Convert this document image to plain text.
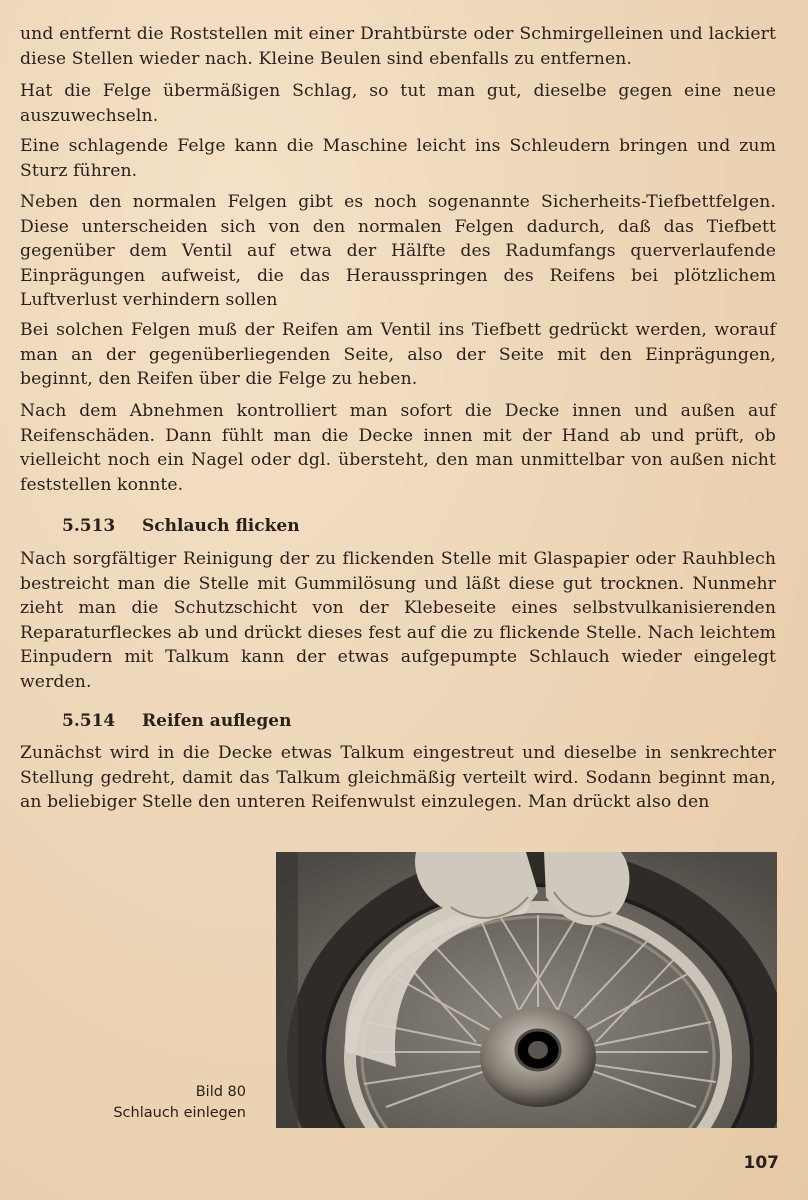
und entfernt die Roststellen mit einer Drahtbürste oder Schmirgelleinen und lackiert diese Stellen wieder nach. Kleine Beulen sind ebenfalls zu entfernen.

Hat die Felge übermäßigen Schlag, so tut man gut, dieselbe gegen eine neue auszuwechseln.

Eine schlagende Felge kann die Maschine leicht ins Schleudern bringen und zum Sturz führen.

Neben den normalen Felgen gibt es noch sogenannte Sicherheits-Tiefbettfelgen. Diese unterscheiden sich von den normalen Felgen dadurch, daß das Tiefbett gegenüber dem Ventil auf etwa der Hälfte des Radumfangs querverlaufende Einprägungen aufweist, die das Herausspringen des Reifens bei plötzlichem Luftverlust verhindern sollen

Bei solchen Felgen muß der Reifen am Ventil ins Tiefbett gedrückt werden, worauf man an der gegenüberliegenden Seite, also der Seite mit den Einprägungen, beginnt, den Reifen über die Felge zu heben.

Nach dem Abnehmen kontrolliert man sofort die Decke innen und außen auf Reifenschäden. Dann fühlt man die Decke innen mit der Hand ab und prüft, ob vielleicht noch ein Nagel oder dgl. übersteht, den man unmittelbar von außen nicht feststellen konnte.

5.513 Schlauch flicken

Nach sorgfältiger Reinigung der zu flickenden Stelle mit Glaspapier oder Rauhblech bestreicht man die Stelle mit Gummilösung und läßt diese gut trocknen. Nunmehr zieht man die Schutzschicht von der Klebeseite eines selbstvulkanisierenden Reparaturfleckes ab und drückt dieses fest auf die zu flickende Stelle. Nach leichtem Einpudern mit Talkum kann der etwas aufgepumpte Schlauch wieder eingelegt werden.

5.514 Reifen auflegen

Zunächst wird in die Decke etwas Talkum eingestreut und dieselbe in senkrechter Stellung gedreht, damit das Talkum gleichmäßig verteilt wird. Sodann beginnt man, an beliebiger Stelle den unteren Reifenwulst einzulegen. Man drückt also den

Bild 80
Schlauch einlegen

107
